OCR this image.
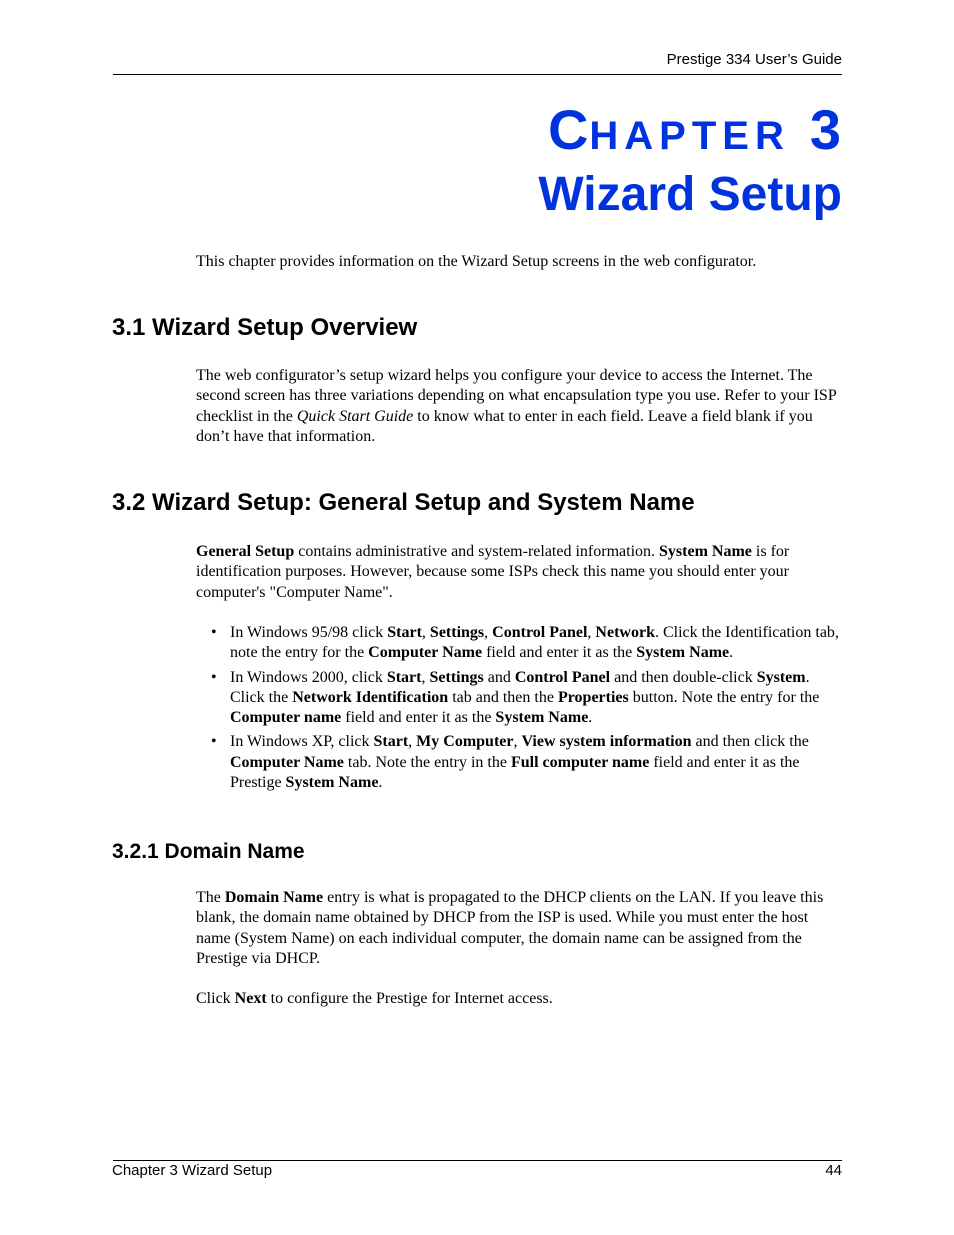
Prestige 334 User’s Guide
CHAPTER 3
Wizard Setup

This chapter provides information on the Wizard Setup screens in the web configurator.

3.1 Wizard Setup Overview

The web configurator’s setup wizard helps you configure your device to access the Internet. The second screen has three variations depending on what encapsulation type you use. Refer to your ISP checklist in the Quick Start Guide to know what to enter in each field. Leave a field blank if you don’t have that information.

3.2 Wizard Setup: General Setup and System Name

General Setup contains administrative and system-related information. System Name is for identification purposes. However, because some ISPs check this name you should enter your computer's "Computer Name".

• In Windows 95/98 click Start, Settings, Control Panel, Network. Click the Identification tab, note the entry for the Computer Name field and enter it as the System Name.
• In Windows 2000, click Start, Settings and Control Panel and then double-click System. Click the Network Identification tab and then the Properties button. Note the entry for the Computer name field and enter it as the System Name.
• In Windows XP, click Start, My Computer, View system information and then click the Computer Name tab. Note the entry in the Full computer name field and enter it as the Prestige System Name.
3.2.1 Domain Name

The Domain Name entry is what is propagated to the DHCP clients on the LAN. If you leave this blank, the domain name obtained by DHCP from the ISP is used. While you must enter the host name (System Name) on each individual computer, the domain name can be assigned from the Prestige via DHCP.

Click Next to configure the Prestige for Internet access.

Chapter 3 Wizard Setup	44
